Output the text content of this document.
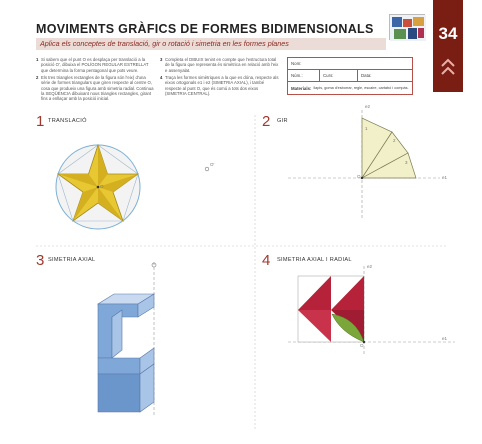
MOVIMENTS GRÀFICS DE FORMES BIDIMENSIONALS
Aplica els conceptes de translació, gir o rotació i simetria en les formes planes
34
1 Si sabem que el punt O es desplaça per translació a la posició O', dibuixa el POLÍGON REGULAR ESTRELLAT que determina la forma pentagonal que pots veure.
2 Els tres triangles rectangles de la figura són l'eix) d'una sèrie de formes triangulars que giren respecte al centre O, cosa que produeix una figura amb simetria radial. Continua la SEQÜÈNCIA dibuixant nous triangles rectangles, girant fins a enllaçar amb la posició inicial.
3 Completa el DIBUIX tenint en compte que l'estructura total de la figura que representa és simètrica en relació amb l'eix e assenyalat.
4 Traça les formes simètriques a la que es dóna, respecte als eixos ortogonals e1 i e2 (SIMETRIA AXIAL), i també respecte al punt O, que és comú a tots dos eixos (SIMETRIA CENTRAL).
Nom:
Núm.:	Curs:	Data:
Materials: llapis, goma d'esborrar, regle, escaire, cartabó i compàs.
1 TRANSLACIÓ	2 GIR
3 SIMETRIA AXIAL	4 SIMETRIA AXIAL I RADIAL
O
O'
1
2
3
O	e1
e2
O
e1
e2
